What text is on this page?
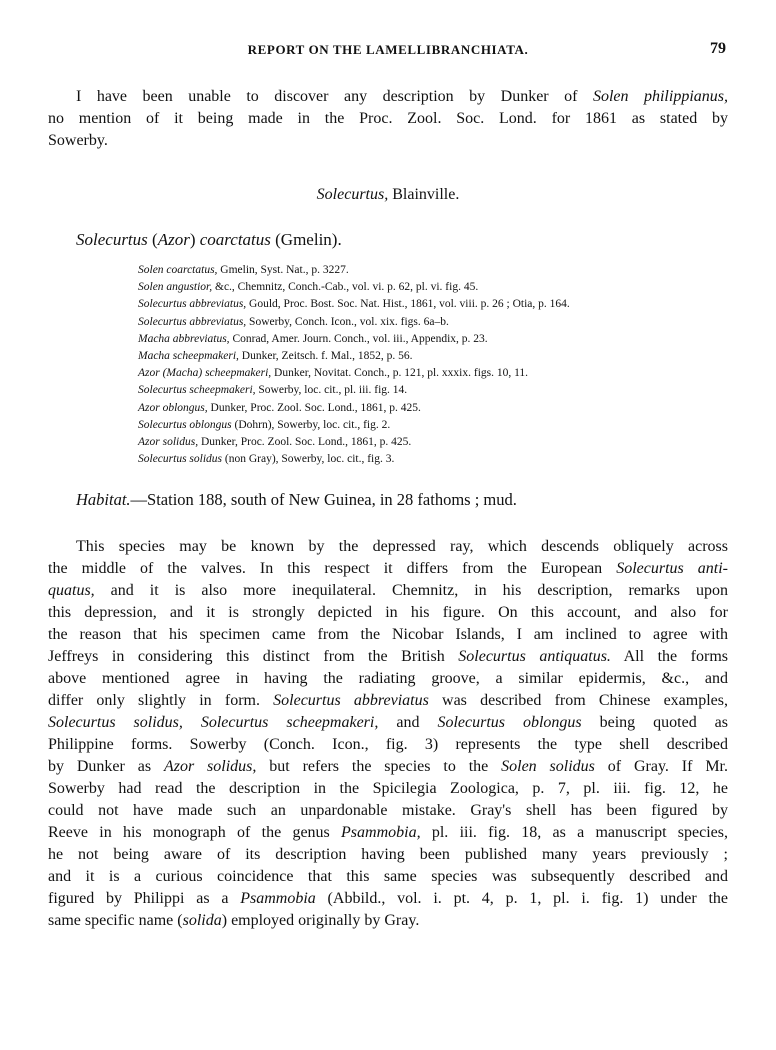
REPORT ON THE LAMELLIBRANCHIATA.	79
I have been unable to discover any description by Dunker of Solen philippianus,
no mention of it being made in the Proc. Zool. Soc. Lond. for 1861 as stated by
Sowerby.
Solecurtus, Blainville.
Solecurtus (Azor) coarctatus (Gmelin).
Solen coarctatus, Gmelin, Syst. Nat., p. 3227.
Solen angustior, &c., Chemnitz, Conch.-Cab., vol. vi. p. 62, pl. vi. fig. 45.
Solecurtus abbreviatus, Gould, Proc. Bost. Soc. Nat. Hist., 1861, vol. viii. p. 26 ; Otia, p. 164.
Solecurtus abbreviatus, Sowerby, Conch. Icon., vol. xix. figs. 6a–b.
Macha abbreviatus, Conrad, Amer. Journ. Conch., vol. iii., Appendix, p. 23.
Macha scheepmakeri, Dunker, Zeitsch. f. Mal., 1852, p. 56.
Azor (Macha) scheepmakeri, Dunker, Novitat. Conch., p. 121, pl. xxxix. figs. 10, 11.
Solecurtus scheepmakeri, Sowerby, loc. cit., pl. iii. fig. 14.
Azor oblongus, Dunker, Proc. Zool. Soc. Lond., 1861, p. 425.
Solecurtus oblongus (Dohrn), Sowerby, loc. cit., fig. 2.
Azor solidus, Dunker, Proc. Zool. Soc. Lond., 1861, p. 425.
Solecurtus solidus (non Gray), Sowerby, loc. cit., fig. 3.
Habitat.—Station 188, south of New Guinea, in 28 fathoms ; mud.
This species may be known by the depressed ray, which descends obliquely across
the middle of the valves. In this respect it differs from the European Solecurtus anti-
quatus, and it is also more inequilateral. Chemnitz, in his description, remarks upon
this depression, and it is strongly depicted in his figure. On this account, and also for
the reason that his specimen came from the Nicobar Islands, I am inclined to agree with
Jeffreys in considering this distinct from the British Solecurtus antiquatus. All the forms
above mentioned agree in having the radiating groove, a similar epidermis, &c., and
differ only slightly in form. Solecurtus abbreviatus was described from Chinese examples,
Solecurtus solidus, Solecurtus scheepmakeri, and Solecurtus oblongus being quoted as
Philippine forms. Sowerby (Conch. Icon., fig. 3) represents the type shell described
by Dunker as Azor solidus, but refers the species to the Solen solidus of Gray. If Mr.
Sowerby had read the description in the Spicilegia Zoologica, p. 7, pl. iii. fig. 12, he
could not have made such an unpardonable mistake. Gray's shell has been figured by
Reeve in his monograph of the genus Psammobia, pl. iii. fig. 18, as a manuscript species,
he not being aware of its description having been published many years previously ;
and it is a curious coincidence that this same species was subsequently described and
figured by Philippi as a Psammobia (Abbild., vol. i. pt. 4, p. 1, pl. i. fig. 1) under the
same specific name (solida) employed originally by Gray.
